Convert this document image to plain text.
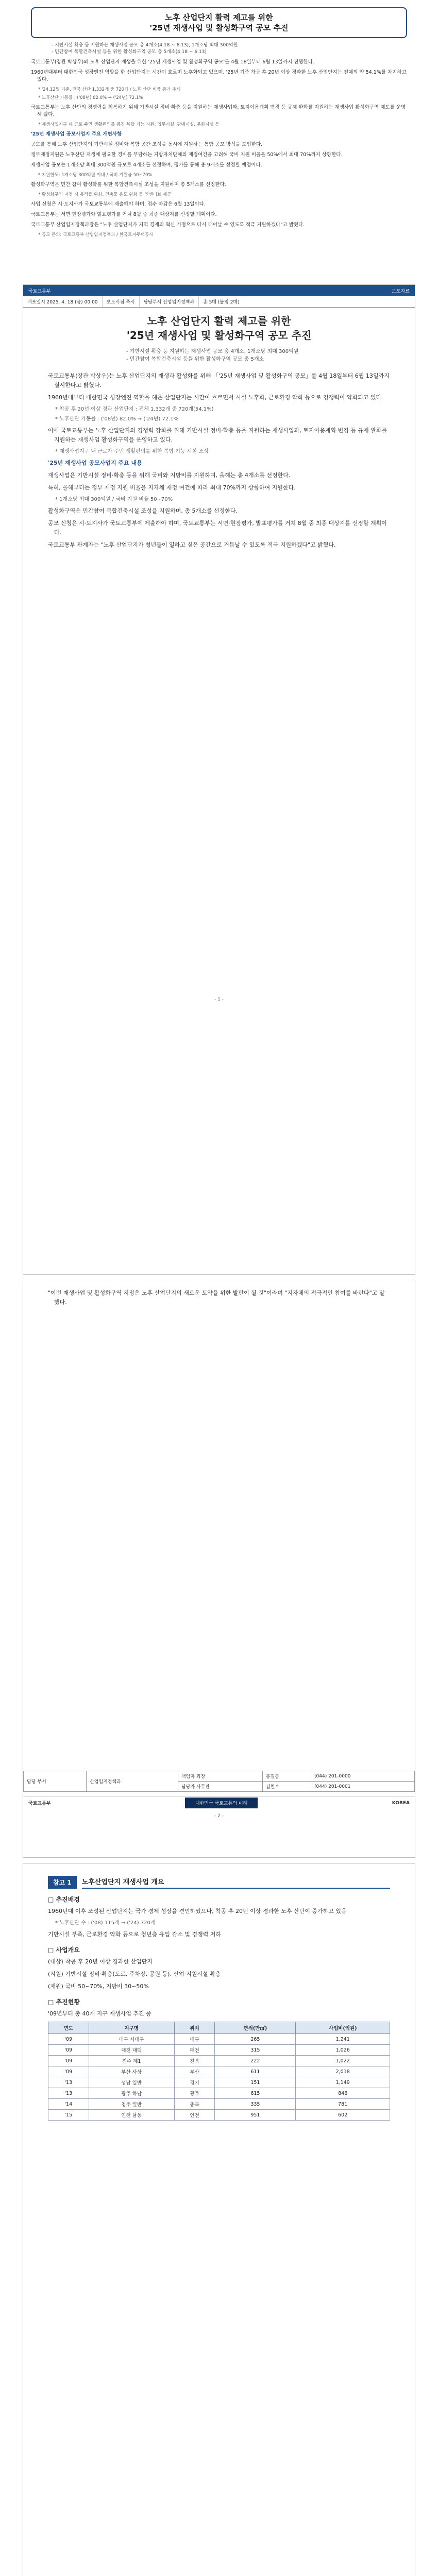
노후 산업단지 활력 제고를 위한
'25년 재생사업 및 활성화구역 공모 추진
- 지반시설 확충 등 지원하는 재생사업 공모 총 4개소(4.18 ~ 6.13), 1개소당 최대 300억원
- 민간참여 복합건축시설 등을 위한 활성화구역 공모 총 5개소(4.18 ~ 6.13)
국토교통부(장관 박상우)와 노후 산업단지 재생을 위한 '25년 재생사업 및 활성화구역 공모'를 4월 18일부터 6월 13일까지 진행한다.
1960년대부터 대한민국 성장엔진 역할을 한 산업단지는 시간이 흐르며 노후화되고 있으며, '25년 기준 착공 후 20년 이상 경과한 노후 산업단지는 전체의 약 54.1%를 차지하고 있다.
* '24.12월 기준, 전국 산단 1,332개 중 720개 / 노후 산단 비중 증가 추세
* 노후산단 가동률 : ('08년) 82.0% → ('24년) 72.1%
국토교통부는 노후 산단의 경쟁력을 회복하기 위해 기반시설 정비·확충 등을 지원하는 재생사업과, 토지이용계획 변경 등 규제 완화를 지원하는 재생사업 활성화구역 제도를 운영해 왔다.
* 재생사업지구 내 근로·주민 생활편의를 증진 복합 기능 지원: 업무시설, 판매시설, 문화시설 등
'25년 재생사업 공모사업지 주요 개편사항
공모를 통해 노후 산업단지의 기반시설 정비와 복합 공간 조성을 동시에 지원하는 통합 공모 방식을 도입한다.
정부재정지원은 노후산단 재생에 필요한 경비를 부담하는 지방자치단체의 재정여건을 고려해 국비 지원 비율을 50%에서 최대 70%까지 상향한다.
재생사업 공모는 1개소당 최대 300억원 규모로 4개소를 선정하며, 평가를 통해 총 9개소를 선정할 예정이다.
* 지원한도: 1개소당 300억원 이내 / 국비 지원율 50~70%
활성화구역은 민간 참여 활성화를 위한 복합건축시설 조성을 지원하며 총 5개소를 선정한다.
* 활성화구역 지정 시 용적률 완화, 건축물 용도 완화 등 인센티브 제공
사업 신청은 시·도지사가 국토교통부에 제출해야 하며, 접수 마감은 6월 13일이다.
국토교통부는 서면·현장평가와 발표평가를 거쳐 8월 중 최종 대상지를 선정할 계획이다.
국토교통부 산업입지정책과장은 "노후 산업단지가 지역 경제의 혁신 거점으로 다시 태어날 수 있도록 적극 지원하겠다"고 밝혔다.
* 공모 문의: 국토교통부 산업입지정책과 / 한국토지주택공사
국토교통부	보도자료
배포일시 2025. 4. 18.(금) 00:00	보도시점 즉시	담당부서 산업입지정책과	총 5매 (붙임 2매)
노후 산업단지 활력 제고를 위한
'25년 재생사업 및 활성화구역 공모 추진
- 기반시설 확충 등 지원하는 재생사업 공모 총 4개소, 1개소당 최대 300억원
- 민간참여 복합건축시설 등을 위한 활성화구역 공모 총 5개소
국토교통부(장관 박상우)는 노후 산업단지의 재생과 활성화를 위해 「'25년 재생사업 및 활성화구역 공모」를 4월 18일부터 6월 13일까지 실시한다고 밝혔다.
1960년대부터 대한민국 성장엔진 역할을 해온 산업단지는 시간이 흐르면서 시설 노후화, 근로환경 악화 등으로 경쟁력이 약화되고 있다.
* 착공 후 20년 이상 경과 산업단지 : 전체 1,332개 중 720개(54.1%)
* 노후산단 가동률 : ('08년) 82.0% → ('24년) 72.1%
이에 국토교통부는 노후 산업단지의 경쟁력 강화를 위해 기반시설 정비·확충 등을 지원하는 재생사업과, 토지이용계획 변경 등 규제 완화를 지원하는 재생사업 활성화구역을 운영하고 있다.
* 재생사업지구 내 근로자 주민 생활편의를 위한 복합 기능 시설 조성
'25년 재생사업 공모사업지 주요 내용
재생사업은 기반시설 정비·확충 등을 위해 국비와 지방비를 지원하며, 올해는 총 4개소를 선정한다.
특히, 올해부터는 정부 재정 지원 비율을 지자체 재정 여건에 따라 최대 70%까지 상향하여 지원한다.
* 1개소당 최대 300억원 / 국비 지원 비율 50~70%
활성화구역은 민간참여 복합건축시설 조성을 지원하며, 총 5개소를 선정한다.
공모 신청은 시·도지사가 국토교통부에 제출해야 하며, 국토교통부는 서면·현장평가, 발표평가를 거쳐 8월 중 최종 대상지를 선정할 계획이다.
국토교통부 관계자는 "노후 산업단지가 청년들이 일하고 싶은 공간으로 거듭날 수 있도록 적극 지원하겠다"고 밝혔다.
- 1 -
"이번 재생사업 및 활성화구역 지정은 노후 산업단지의 새로운 도약을 위한 발판이 될 것"이라며 "지자체의 적극적인 참여를 바란다"고 말했다.
담당 부서	산업입지정책과	책임자 과장	홍길동	(044) 201-0000
		담당자 사무관	김철수	(044) 201-0001
국토교통부	대한민국 국토교통의 미래	KOREA
- 2 -
참고 1	노후산업단지 재생사업 개요
□ 추진배경
1960년대 이후 조성된 산업단지는 국가 경제 성장을 견인하였으나, 착공 후 20년 이상 경과한 노후 산단이 증가하고 있음
* 노후산단 수 : ('08) 115개 → ('24) 720개
기반시설 부족, 근로환경 악화 등으로 청년층 유입 감소 및 경쟁력 저하
□ 사업개요
(대상) 착공 후 20년 이상 경과한 산업단지
(지원) 기반시설 정비·확충(도로, 주차장, 공원 등), 산업·지원시설 확충
(재원) 국비 50~70%, 지방비 30~50%
□ 추진현황
'09년부터 총 40개 지구 재생사업 추진 중
연도	지구명	위치	면적(만㎡)	사업비(억원)
'09	대구 서대구	대구	265	1,241
'09	대전 대덕	대전	315	1,026
'09	전주 제1	전북	222	1,022
'09	부산 사상	부산	611	2,018
'13	성남 일반	경기	151	1,149
'13	광주 하남	광주	615	846
'14	청주 일반	충북	335	781
'15	인천 남동	인천	951	602
